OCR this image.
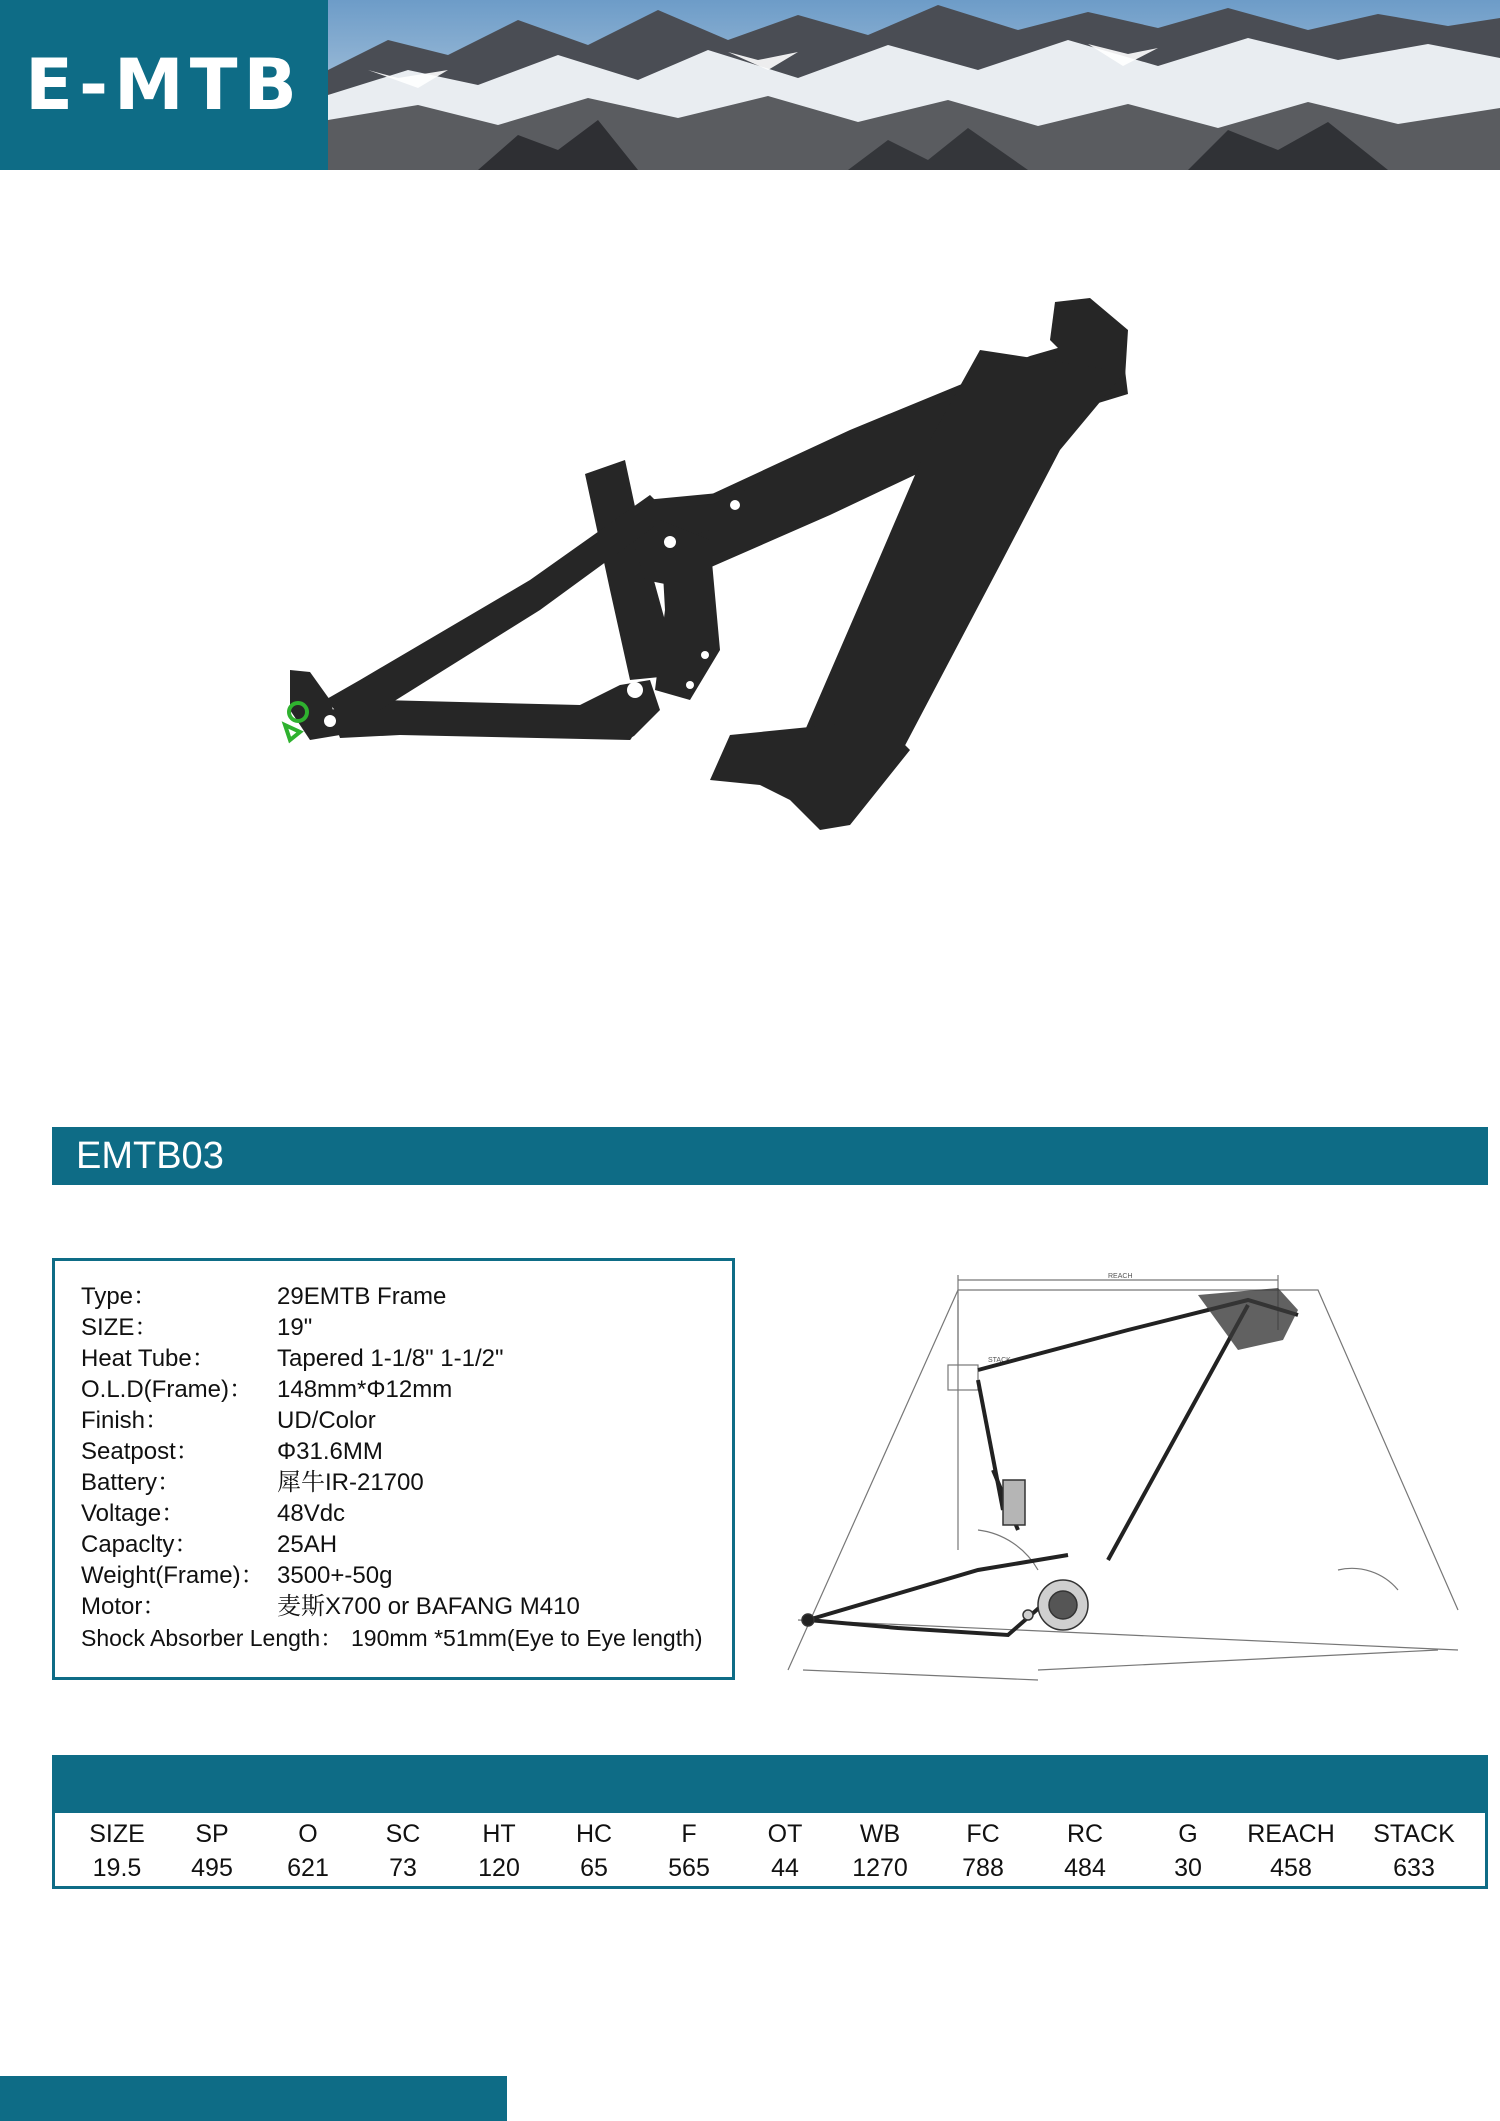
E-MTB
EMTB03
Type：	29EMTB Frame
SIZE：	19"
Heat Tube：	Tapered 1-1/8" 1-1/2"
O.L.D(Frame)： 148mm*Φ12mm
Finish：	UD/Color
Seatpost：	Φ31.6MM
Battery：	犀牛IR-21700
Voltage：	48Vdc
Capaclty：	25AH
Weight(Frame)： 3500+-50g
Motor：	麦斯X700 or BAFANG M410
Shock Absorber Length： 190mm *51mm(Eye to Eye length)
REACH
STACK
SIZE	SP	O	SC	HT	HC	F	OT	WB	FC	RC	G	REACH	STACK
19.5	495	621	73	120	65	565	44	1270	788	484	30	458	633
